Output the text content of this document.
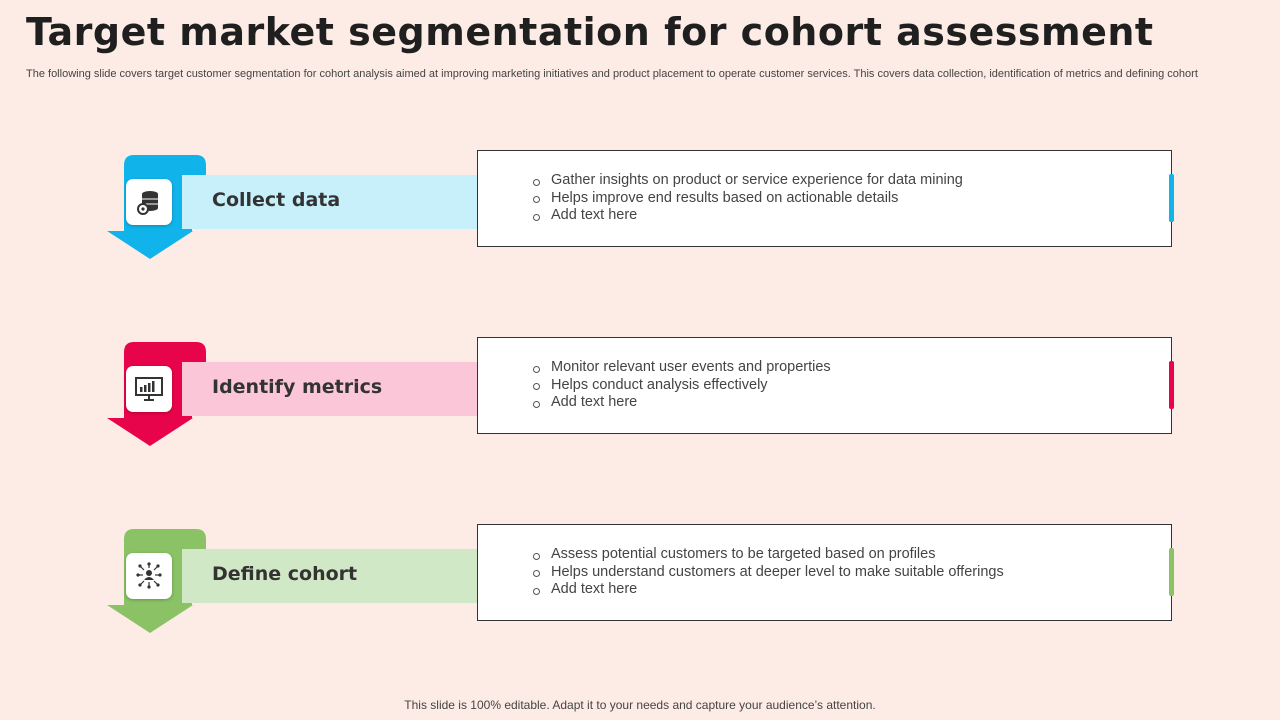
Target market segmentation for cohort assessment
The following slide covers target customer segmentation for cohort analysis aimed at improving marketing initiatives and product placement to operate customer services. This covers data collection, identification of metrics and defining cohort
Collect data
Gather insights on product or service experience for data mining
Helps improve end results based on actionable details
Add text here
Identify metrics
Monitor relevant user events and properties
Helps conduct analysis effectively
Add text here
Define cohort
Assess potential customers to be targeted based on profiles
Helps understand customers at deeper level to make suitable offerings
Add text here
This slide is 100% editable. Adapt it to your needs and capture your audience’s attention.
